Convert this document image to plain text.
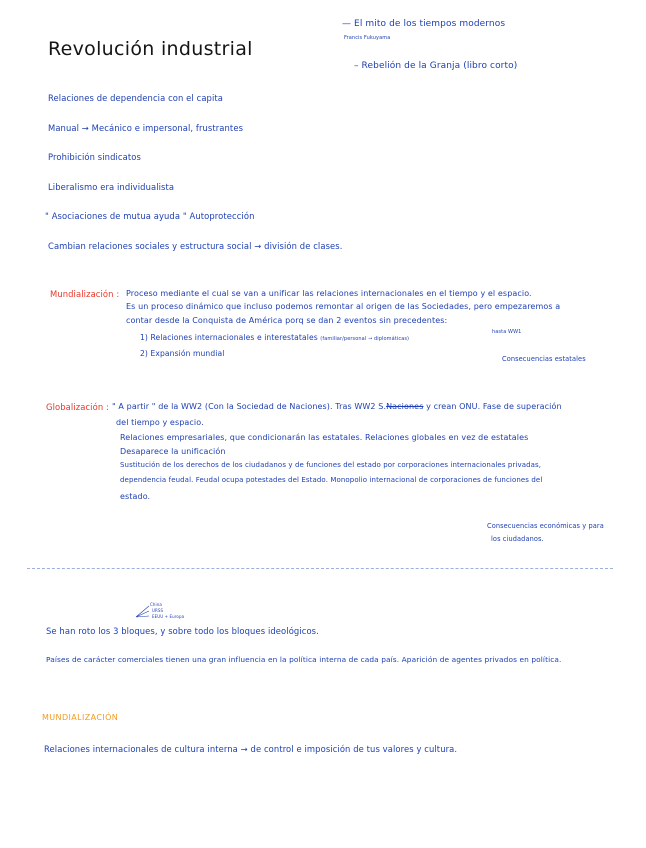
Revolución industrial
— El mito de los tiempos modernos
Francis Fukuyama
– Rebelión de la Granja (libro corto)
Relaciones de dependencia con el capita
Manual → Mecánico e impersonal, frustrantes
Prohibición sindicatos
Liberalismo era individualista
" Asociaciones de mutua ayuda " Autoprotección
Cambian relaciones sociales y estructura social → división de clases.
Mundialización : Proceso mediante el cual se van a unificar las relaciones internacionales en el tiempo y el espacio.
Es un proceso dinámico que incluso podemos remontar al origen de las Sociedades, pero empezaremos a
contar desde la Conquista de América porq se dan 2 eventos sin precedentes:
1) Relaciones internacionales e interestatales (familiar/personal → diplomáticas)
2) Expansión mundial
hasta WW1
Consecuencias estatales
Globalización : " A partir " de la WW2 (Con la Sociedad de Naciones). Tras WW2 S.Naciones y crean ONU. Fase de superación
del tiempo y espacio.
Relaciones empresariales, que condicionarán las estatales. Relaciones globales en vez de estatales
Desaparece la unificación
Sustitución de los derechos de los ciudadanos y de funciones del estado por corporaciones internacionales privadas,
dependencia feudal. Feudal ocupa potestades del Estado. Monopolio internacional de corporaciones de funciones del
estado.
Consecuencias económicas y para
los ciudadanos.
China
URSS
EEUU + Europa
Se han roto los 3 bloques, y sobre todo los bloques ideológicos.
Países de carácter comerciales tienen una gran influencia en la política interna de cada país. Aparición de agentes privados en política.
MUNDIALIZACIÓN
Relaciones internacionales de cultura interna → de control e imposición de tus valores y cultura.
